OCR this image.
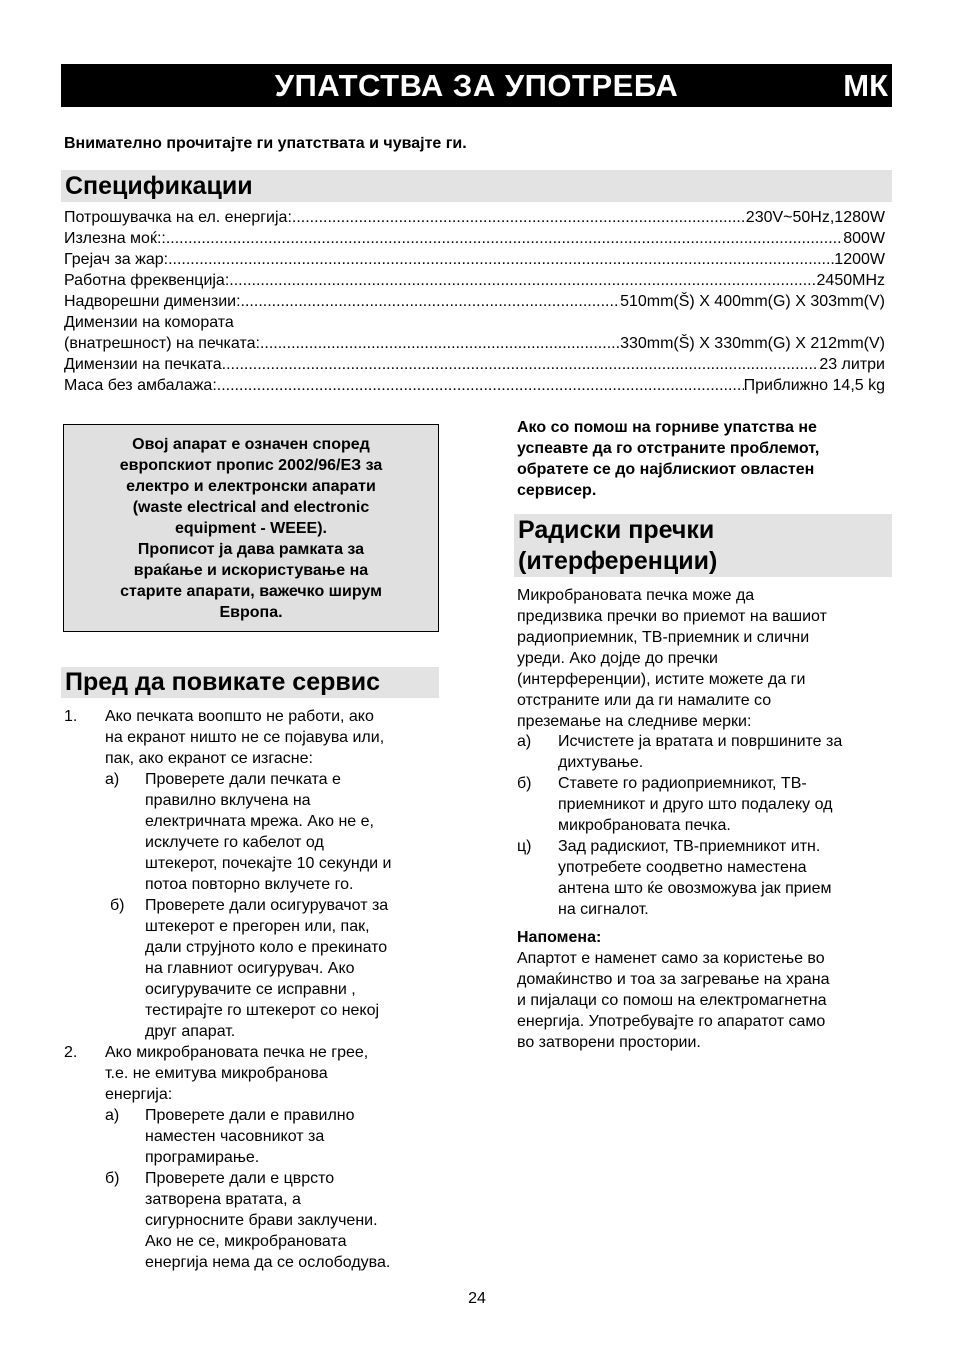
УПАТСТВА ЗА УПОТРЕБА	МК
Внимателно прочитајте ги упатствата и чувајте ги.
Спецификации
Потрошувачка на ел. енергија: .....	230V~50Hz,1280W
Излезна моќ:: .....	800W
Грејач за жар: .....	1200W
Работна фреквенција: .....	2450MHz
Надворешни димензии: .....	510mm(Š) X 400mm(G) X 303mm(V)
Димензии на комората
(внатрешност) на печката: .....	330mm(Š) X 330mm(G) X 212mm(V)
Димензии на печката .....	23 литри
Маса без амбалажа: .....	Приближно 14,5 kg
Овој апарат е означен според
европскиот пропис 2002/96/ЕЗ за
електро и електронски апарати
(waste electrical and electronic
equipment - WEEE).
Прописот ја дава рамката за
враќање и искористување на
старите апарати, важечко ширум
Европа.
Пред да повикате сервис
1. Ако печката воопшто не работи, ако
на екранот ништо не се појавува или,
пак, ако екранот се изгасне:
а) Проверете дали печката е
правилно вклучена на
електричната мрежа. Ако не е,
исклучете го кабелот од
штекерот, почекајте 10 секунди и
потоа повторно вклучете го.
б) Проверете дали осигурувачот за
штекерот е прегорен или, пак,
дали струјното коло е прекинато
на главниот осигурувач. Ако
осигурувачите се исправни ,
тестирајте го штекерот со некој
друг апарат.
2. Ако микробрановата печка не грее,
т.е. не емитува микробранова
енергија:
а) Проверете дали е правилно
наместен часовникот за
програмирање.
б) Проверете дали е цврсто
затворена вратата, а
сигурносните брави заклучени.
Ако не се, микробрановата
енергија нема да се ослободува.
Ако со помош на горниве упатства не
успеавте да го отстраните проблемот,
обратете се до најблискиот овластен
сервисер.
Радиски пречки
(итерференции)
Микробрановата печка може да
предизвика пречки во приемот на вашиот
радиоприемник, ТВ-приемник и слични
уреди. Ако дојде до пречки
(интерференции), истите можете да ги
отстраните или да ги намалите со
преземање на следниве мерки:
а) Исчистете ја вратата и површините за
дихтување.
б) Ставете го радиоприемникот, ТВ-
приемникот и друго што подалеку од
микробрановата печка.
ц) Зад радискиот, ТВ-приемникот итн.
употребете соодветно наместена
антена што ќе овозможува јак прием
на сигналот.
Напомена:
Апартот е наменет само за користење во
домаќинство и тоа за загревање на храна
и пијалаци со помош на електромагнетна
енергија. Употребувајте го апаратот само
во затворени простории.
24
